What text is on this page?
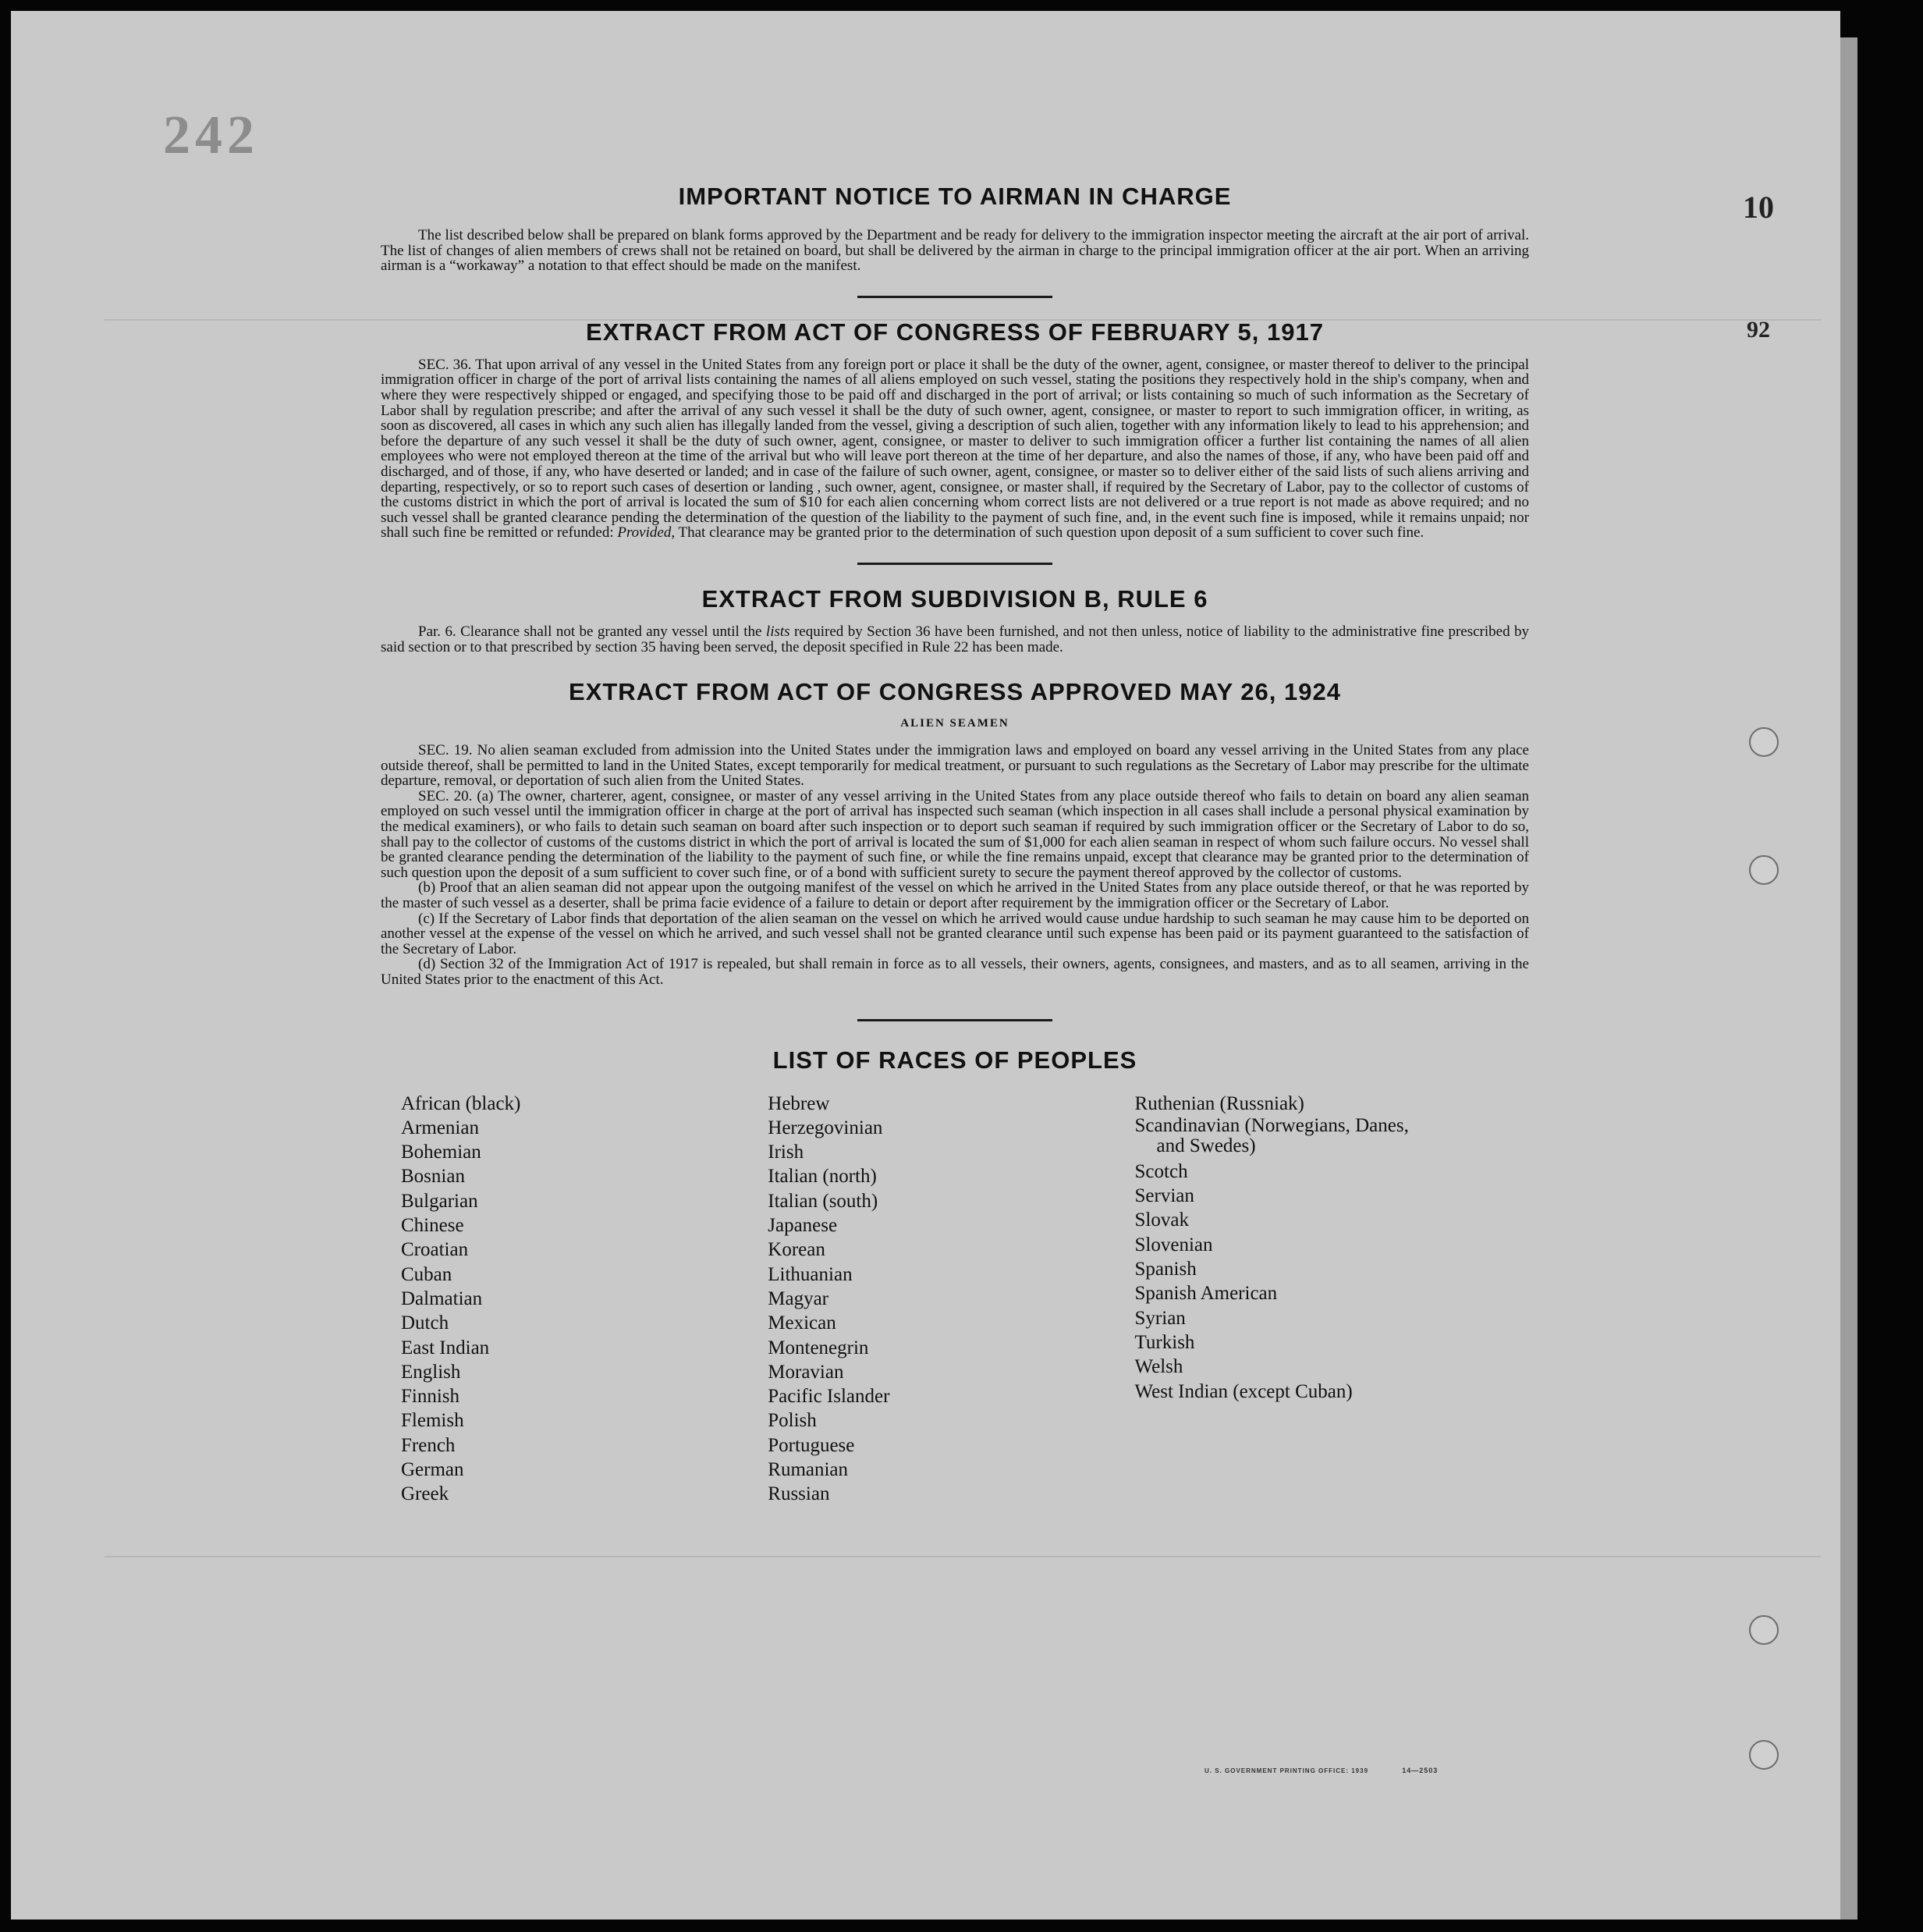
242
10
92
IMPORTANT NOTICE TO AIRMAN IN CHARGE

The list described below shall be prepared on blank forms approved by the Department and be ready for delivery to the immigration inspector meeting the aircraft at the air port of arrival. The list of changes of alien members of crews shall not be retained on board, but shall be delivered by the airman in charge to the principal immigration officer at the air port. When an arriving airman is a “workaway” a notation to that effect should be made on the manifest.

EXTRACT FROM ACT OF CONGRESS OF FEBRUARY 5, 1917

SEC. 36. That upon arrival of any vessel in the United States from any foreign port or place it shall be the duty of the owner, agent, consignee, or master thereof to deliver to the principal immigration officer in charge of the port of arrival lists containing the names of all aliens employed on such vessel, stating the positions they respectively hold in the ship's company, when and where they were respectively shipped or engaged, and specifying those to be paid off and discharged in the port of arrival; or lists containing so much of such information as the Secretary of Labor shall by regulation prescribe; and after the arrival of any such vessel it shall be the duty of such owner, agent, consignee, or master to report to such immigration officer, in writing, as soon as discovered, all cases in which any such alien has illegally landed from the vessel, giving a description of such alien, together with any information likely to lead to his apprehension; and before the departure of any such vessel it shall be the duty of such owner, agent, consignee, or master to deliver to such immigration officer a further list containing the names of all alien employees who were not employed thereon at the time of the arrival but who will leave port thereon at the time of her departure, and also the names of those, if any, who have been paid off and discharged, and of those, if any, who have deserted or landed; and in case of the failure of such owner, agent, consignee, or master so to deliver either of the said lists of such aliens arriving and departing, respectively, or so to report such cases of desertion or landing , such owner, agent, consignee, or master shall, if required by the Secretary of Labor, pay to the collector of customs of the customs district in which the port of arrival is located the sum of $10 for each alien concerning whom correct lists are not delivered or a true report is not made as above required; and no such vessel shall be granted clearance pending the determination of the question of the liability to the payment of such fine, and, in the event such fine is imposed, while it remains unpaid; nor shall such fine be remitted or refunded: Provided, That clearance may be granted prior to the determination of such question upon deposit of a sum sufficient to cover such fine.

EXTRACT FROM SUBDIVISION B, RULE 6

Par. 6. Clearance shall not be granted any vessel until the lists required by Section 36 have been furnished, and not then unless, notice of liability to the administrative fine prescribed by said section or to that prescribed by section 35 having been served, the deposit specified in Rule 22 has been made.

EXTRACT FROM ACT OF CONGRESS APPROVED MAY 26, 1924
ALIEN SEAMEN

SEC. 19. No alien seaman excluded from admission into the United States under the immigration laws and employed on board any vessel arriving in the United States from any place outside thereof, shall be permitted to land in the United States, except temporarily for medical treatment, or pursuant to such regulations as the Secretary of Labor may prescribe for the ultimate departure, removal, or deportation of such alien from the United States.

SEC. 20. (a) The owner, charterer, agent, consignee, or master of any vessel arriving in the United States from any place outside thereof who fails to detain on board any alien seaman employed on such vessel until the immigration officer in charge at the port of arrival has inspected such seaman (which inspection in all cases shall include a personal physical examination by the medical examiners), or who fails to detain such seaman on board after such inspection or to deport such seaman if required by such immigration officer or the Secretary of Labor to do so, shall pay to the collector of customs of the customs district in which the port of arrival is located the sum of $1,000 for each alien seaman in respect of whom such failure occurs. No vessel shall be granted clearance pending the determination of the liability to the payment of such fine, or while the fine remains unpaid, except that clearance may be granted prior to the determination of such question upon the deposit of a sum sufficient to cover such fine, or of a bond with sufficient surety to secure the payment thereof approved by the collector of customs.

(b) Proof that an alien seaman did not appear upon the outgoing manifest of the vessel on which he arrived in the United States from any place outside thereof, or that he was reported by the master of such vessel as a deserter, shall be prima facie evidence of a failure to detain or deport after requirement by the immigration officer or the Secretary of Labor.

(c) If the Secretary of Labor finds that deportation of the alien seaman on the vessel on which he arrived would cause undue hardship to such seaman he may cause him to be deported on another vessel at the expense of the vessel on which he arrived, and such vessel shall not be granted clearance until such expense has been paid or its payment guaranteed to the satisfaction of the Secretary of Labor.

(d) Section 32 of the Immigration Act of 1917 is repealed, but shall remain in force as to all vessels, their owners, agents, consignees, and masters, and as to all seamen, arriving in the United States prior to the enactment of this Act.

LIST OF RACES OF PEOPLES
African (black)
Armenian
Bohemian
Bosnian
Bulgarian
Chinese
Croatian
Cuban
Dalmatian
Dutch
East Indian
English
Finnish
Flemish
French
German
Greek
Hebrew
Herzegovinian
Irish
Italian (north)
Italian (south)
Japanese
Korean
Lithuanian
Magyar
Mexican
Montenegrin
Moravian
Pacific Islander
Polish
Portuguese
Rumanian
Russian
Ruthenian (Russniak)
Scandinavian (Norwegians, Danes,
and Swedes)
Scotch
Servian
Slovak
Slovenian
Spanish
Spanish American
Syrian
Turkish
Welsh
West Indian (except Cuban)
U. S. GOVERNMENT PRINTING OFFICE: 1939	14—2503
